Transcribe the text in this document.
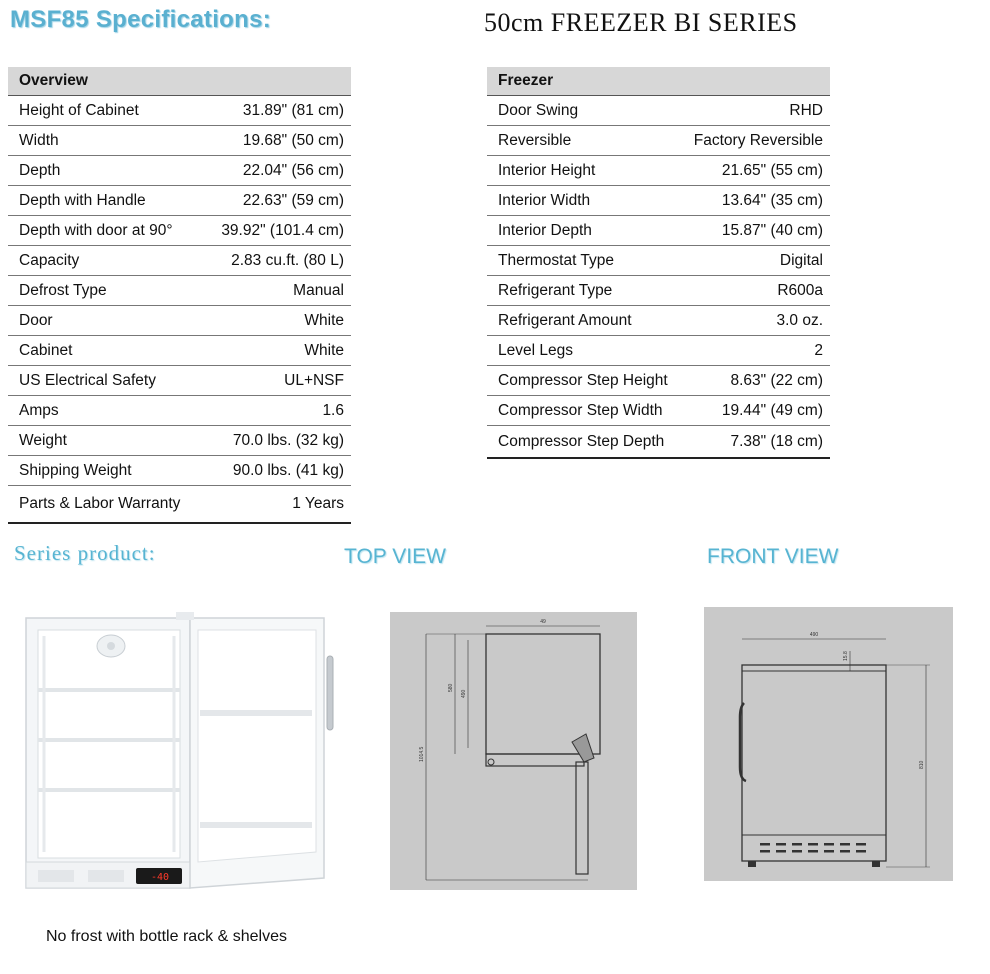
MSF85 Specifications:	50cm FREEZER BI SERIES
Overview	
Height of Cabinet	31.89" (81 cm)
Width	19.68" (50 cm)
Depth	22.04" (56 cm)
Depth with Handle	22.63" (59 cm)
Depth with door at 90°	39.92" (101.4 cm)
Capacity	2.83 cu.ft. (80 L)
Defrost Type	Manual
Door	White
Cabinet	White
US Electrical Safety	UL+NSF
Amps	1.6
Weight	70.0 lbs. (32 kg)
Shipping Weight	90.0 lbs. (41 kg)
Parts & Labor Warranty	1 Years
Freezer	
Door Swing	RHD
Reversible	Factory Reversible
Interior Height	21.65" (55 cm)
Interior Width	13.64" (35 cm)
Interior Depth	15.87" (40 cm)
Thermostat Type	Digital
Refrigerant Type	R600a
Refrigerant Amount	3.0 oz.
Level Legs	2
Compressor Step Height	8.63" (22 cm)
Compressor Step Width	19.44" (49 cm)
Compressor Step Depth	7.38" (18 cm)
Series product:	TOP VIEW	FRONT VIEW
-40
49
580
490
1014.5
490
15.8
810
No frost with bottle rack & shelves
